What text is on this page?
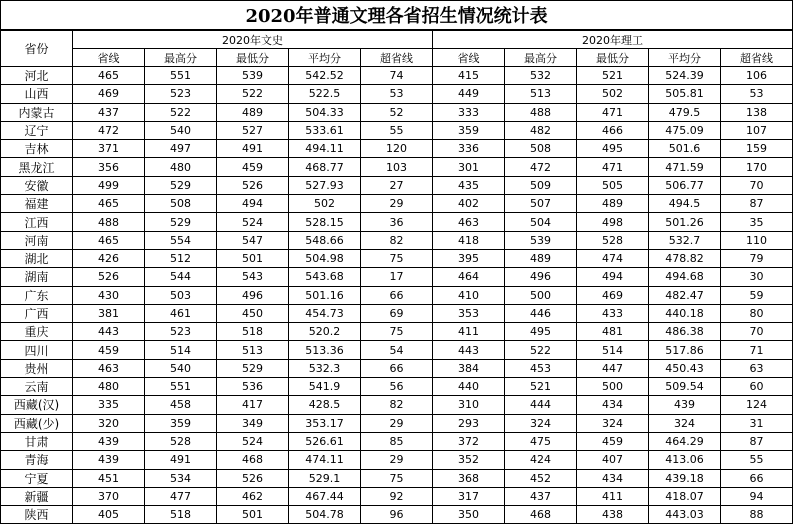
2020年普通文理各省招生情况统计表										
省份	2020年文史					2020年理工				
	省线	最高分	最低分	平均分	超省线	省线	最高分	最低分	平均分	超省线
河北	465	551	539	542.52	74	415	532	521	524.39	106
山西	469	523	522	522.5	53	449	513	502	505.81	53
内蒙古	437	522	489	504.33	52	333	488	471	479.5	138
辽宁	472	540	527	533.61	55	359	482	466	475.09	107
吉林	371	497	491	494.11	120	336	508	495	501.6	159
黑龙江	356	480	459	468.77	103	301	472	471	471.59	170
安徽	499	529	526	527.93	27	435	509	505	506.77	70
福建	465	508	494	502	29	402	507	489	494.5	87
江西	488	529	524	528.15	36	463	504	498	501.26	35
河南	465	554	547	548.66	82	418	539	528	532.7	110
湖北	426	512	501	504.98	75	395	489	474	478.82	79
湖南	526	544	543	543.68	17	464	496	494	494.68	30
广东	430	503	496	501.16	66	410	500	469	482.47	59
广西	381	461	450	454.73	69	353	446	433	440.18	80
重庆	443	523	518	520.2	75	411	495	481	486.38	70
四川	459	514	513	513.36	54	443	522	514	517.86	71
贵州	463	540	529	532.3	66	384	453	447	450.43	63
云南	480	551	536	541.9	56	440	521	500	509.54	60
西藏(汉)	335	458	417	428.5	82	310	444	434	439	124
西藏(少)	320	359	349	353.17	29	293	324	324	324	31
甘肃	439	528	524	526.61	85	372	475	459	464.29	87
青海	439	491	468	474.11	29	352	424	407	413.06	55
宁夏	451	534	526	529.1	75	368	452	434	439.18	66
新疆	370	477	462	467.44	92	317	437	411	418.07	94
陕西	405	518	501	504.78	96	350	468	438	443.03	88
